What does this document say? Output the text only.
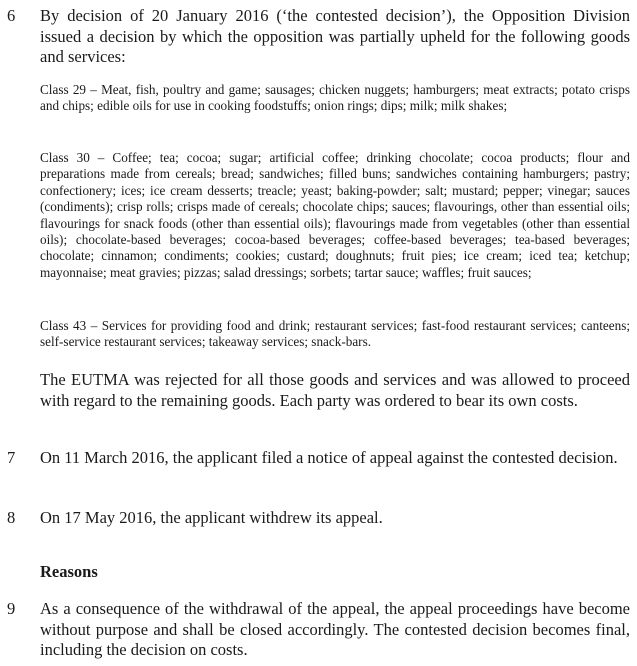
6 By decision of 20 January 2016 (‘the contested decision’), the Opposition Division issued a decision by which the opposition was partially upheld for the following goods and services:
Class 29 – Meat, fish, poultry and game; sausages; chicken nuggets; hamburgers; meat extracts; potato crisps and chips; edible oils for use in cooking foodstuffs; onion rings; dips; milk; milk shakes;
Class 30 – Coffee; tea; cocoa; sugar; artificial coffee; drinking chocolate; cocoa products; flour and preparations made from cereals; bread; sandwiches; filled buns; sandwiches containing hamburgers; pastry; confectionery; ices; ice cream desserts; treacle; yeast; baking-powder; salt; mustard; pepper; vinegar; sauces (condiments); crisp rolls; crisps made of cereals; chocolate chips; sauces; flavourings, other than essential oils; flavourings for snack foods (other than essential oils); flavourings made from vegetables (other than essential oils); chocolate-based beverages; cocoa-based beverages; coffee-based beverages; tea-based beverages; chocolate; cinnamon; condiments; cookies; custard; doughnuts; fruit pies; ice cream; iced tea; ketchup; mayonnaise; meat gravies; pizzas; salad dressings; sorbets; tartar sauce; waffles; fruit sauces;
Class 43 – Services for providing food and drink; restaurant services; fast-food restaurant services; canteens; self-service restaurant services; takeaway services; snack-bars.
The EUTMA was rejected for all those goods and services and was allowed to proceed with regard to the remaining goods. Each party was ordered to bear its own costs.
7 On 11 March 2016, the applicant filed a notice of appeal against the contested decision.
8 On 17 May 2016, the applicant withdrew its appeal.
Reasons
9 As a consequence of the withdrawal of the appeal, the appeal proceedings have become without purpose and shall be closed accordingly. The contested decision becomes final, including the decision on costs.
